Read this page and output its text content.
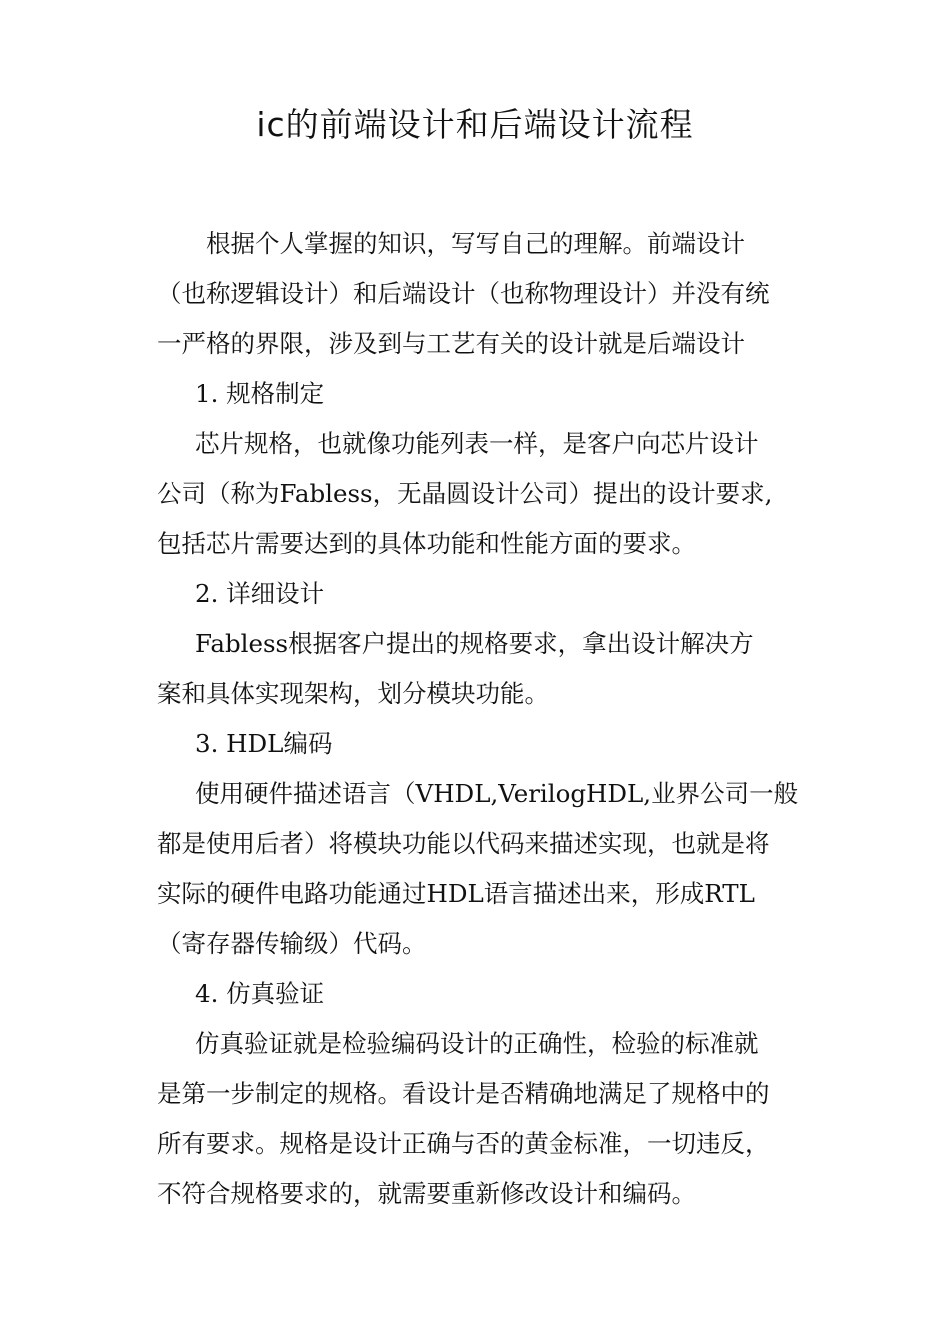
ic的前端设计和后端设计流程
根据个人掌握的知识，写写自己的理解。前端设计
（也称逻辑设计）和后端设计（也称物理设计）并没有统
一严格的界限，涉及到与工艺有关的设计就是后端设计
1. 规格制定
芯片规格，也就像功能列表一样，是客户向芯片设计
公司（称为Fabless，无晶圆设计公司）提出的设计要求,
包括芯片需要达到的具体功能和性能方面的要求。
2. 详细设计
Fabless根据客户提出的规格要求，拿出设计解决方
案和具体实现架构，划分模块功能。
3. HDL编码
使用硬件描述语言（VHDL,VerilogHDL,业界公司一般
都是使用后者）将模块功能以代码来描述实现，也就是将
实际的硬件电路功能通过HDL语言描述出来，形成RTL
（寄存器传输级）代码。
4. 仿真验证
仿真验证就是检验编码设计的正确性，检验的标准就
是第一步制定的规格。看设计是否精确地满足了规格中的
所有要求。规格是设计正确与否的黄金标准，一切违反，
不符合规格要求的，就需要重新修改设计和编码。
